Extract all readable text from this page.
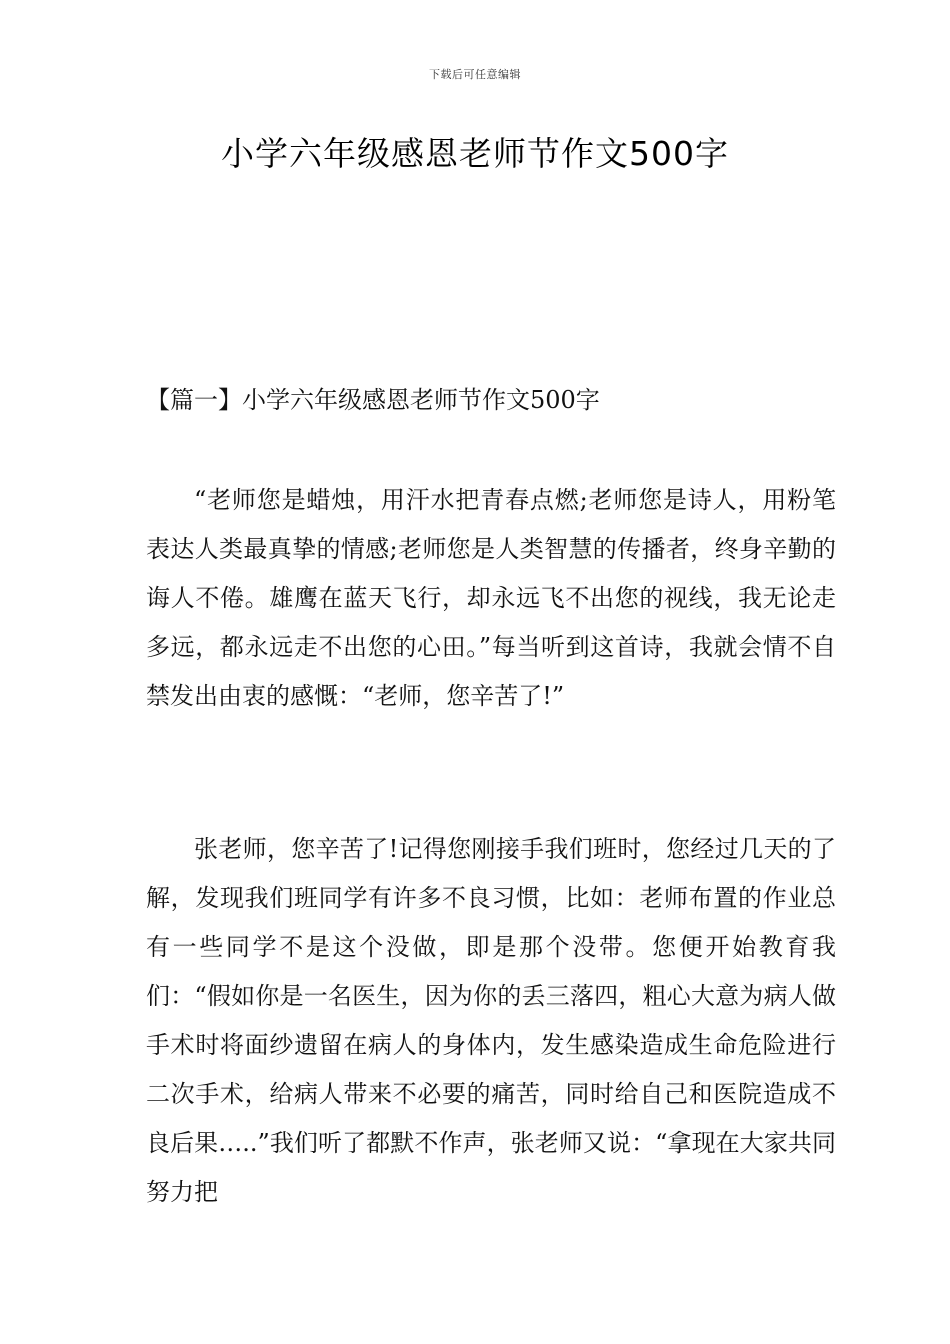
下载后可任意编辑
小学六年级感恩老师节作文500字
【篇一】小学六年级感恩老师节作文500字

“老师您是蜡烛，用汗水把青春点燃;老师您是诗人，用粉笔表达人类最真挚的情感;老师您是人类智慧的传播者，终身辛勤的诲人不倦。雄鹰在蓝天飞行，却永远飞不出您的视线，我无论走多远，都永远走不出您的心田。”每当听到这首诗，我就会情不自禁发出由衷的感慨：“老师，您辛苦了!”

张老师，您辛苦了!记得您刚接手我们班时，您经过几天的了解，发现我们班同学有许多不良习惯，比如：老师布置的作业总有一些同学不是这个没做，即是那个没带。您便开始教育我们：“假如你是一名医生，因为你的丢三落四，粗心大意为病人做手术时将面纱遗留在病人的身体内，发生感染造成生命危险进行二次手术，给病人带来不必要的痛苦，同时给自己和医院造成不良后果…..”我们听了都默不作声，张老师又说：“拿现在大家共同努力把
